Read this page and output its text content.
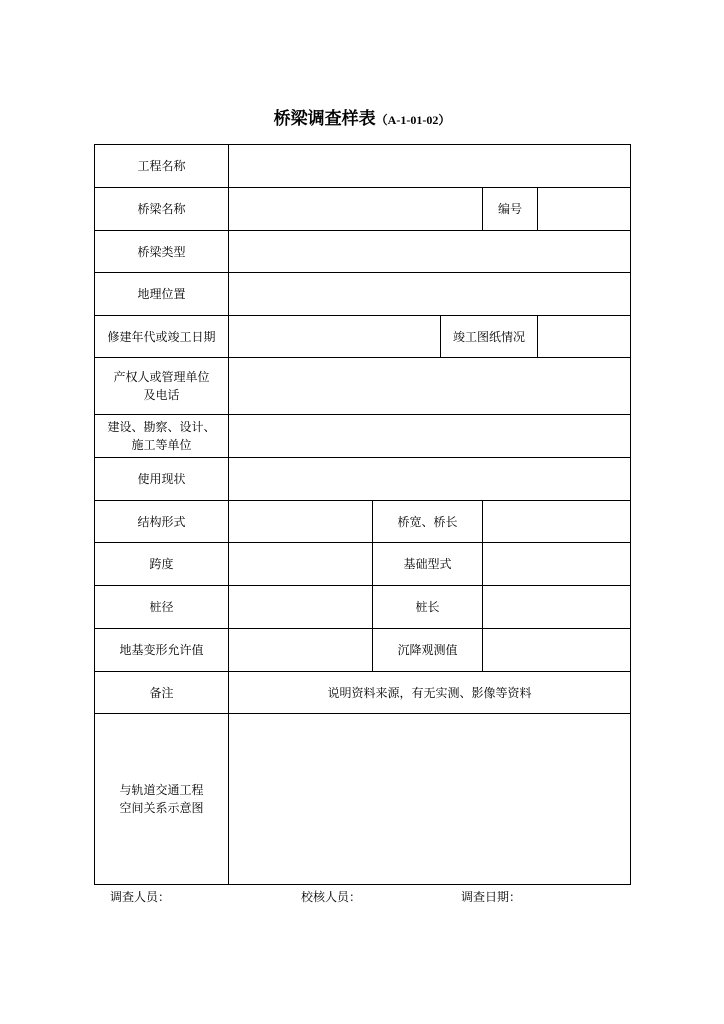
桥梁调查样表（A-1-01-02）
工程名称
桥梁名称	编号
桥梁类型
地理位置
修建年代或竣工日期	竣工图纸情况
产权人或管理单位
及电话
建设、勘察、设计、
施工等单位
使用现状
结构形式	桥宽、桥长
跨度	基础型式
桩径	桩长
地基变形允许值	沉降观测值
备注	说明资料来源，有无实测、影像等资料
与轨道交通工程
空间关系示意图
调查人员：	校核人员：	调查日期：
